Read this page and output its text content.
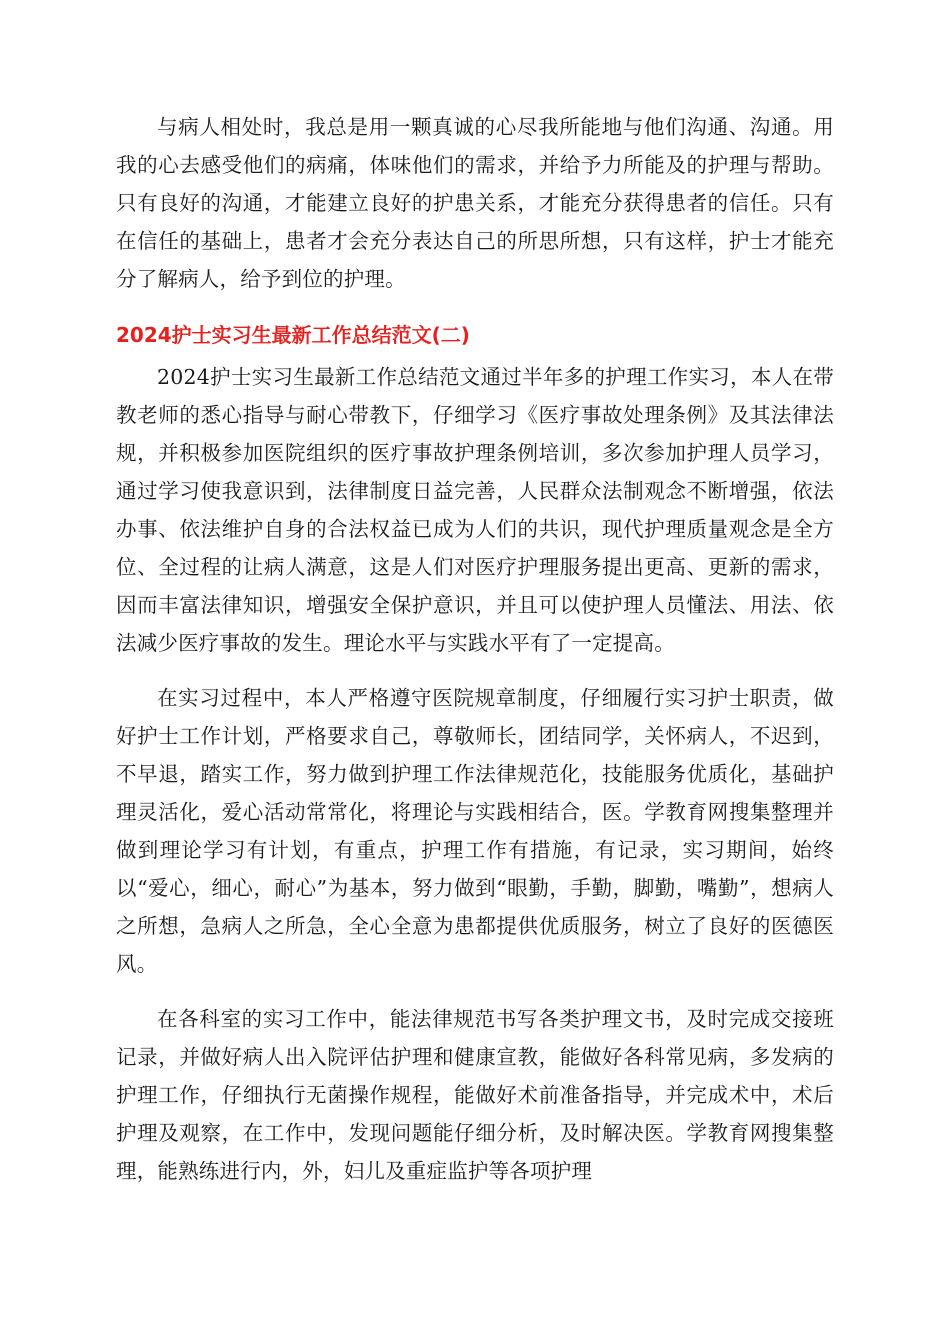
与病人相处时，我总是用一颗真诚的心尽我所能地与他们沟通、沟通。用我的心去感受他们的病痛，体味他们的需求，并给予力所能及的护理与帮助。只有良好的沟通，才能建立良好的护患关系，才能充分获得患者的信任。只有在信任的基础上，患者才会充分表达自己的所思所想，只有这样，护士才能充分了解病人，给予到位的护理。

2024护士实习生最新工作总结范文(二)

2024护士实习生最新工作总结范文通过半年多的护理工作实习，本人在带教老师的悉心指导与耐心带教下，仔细学习《医疗事故处理条例》及其法律法规，并积极参加医院组织的医疗事故护理条例培训，多次参加护理人员学习，通过学习使我意识到，法律制度日益完善，人民群众法制观念不断增强，依法办事、依法维护自身的合法权益已成为人们的共识，现代护理质量观念是全方位、全过程的让病人满意，这是人们对医疗护理服务提出更高、更新的需求，因而丰富法律知识，增强安全保护意识，并且可以使护理人员懂法、用法、依法减少医疗事故的发生。理论水平与实践水平有了一定提高。

在实习过程中，本人严格遵守医院规章制度，仔细履行实习护士职责，做好护士工作计划，严格要求自己，尊敬师长，团结同学，关怀病人，不迟到，不早退，踏实工作，努力做到护理工作法律规范化，技能服务优质化，基础护理灵活化，爱心活动常常化，将理论与实践相结合，医。学教育网搜集整理并做到理论学习有计划，有重点，护理工作有措施，有记录，实习期间，始终以“爱心，细心，耐心”为基本，努力做到“眼勤，手勤，脚勤，嘴勤”，想病人之所想，急病人之所急，全心全意为患都提供优质服务，树立了良好的医德医风。

在各科室的实习工作中，能法律规范书写各类护理文书，及时完成交接班记录，并做好病人出入院评估护理和健康宣教，能做好各科常见病，多发病的护理工作，仔细执行无菌操作规程，能做好术前准备指导，并完成术中，术后护理及观察，在工作中，发现问题能仔细分析，及时解决医。学教育网搜集整理，能熟练进行内，外，妇儿及重症监护等各项护理
